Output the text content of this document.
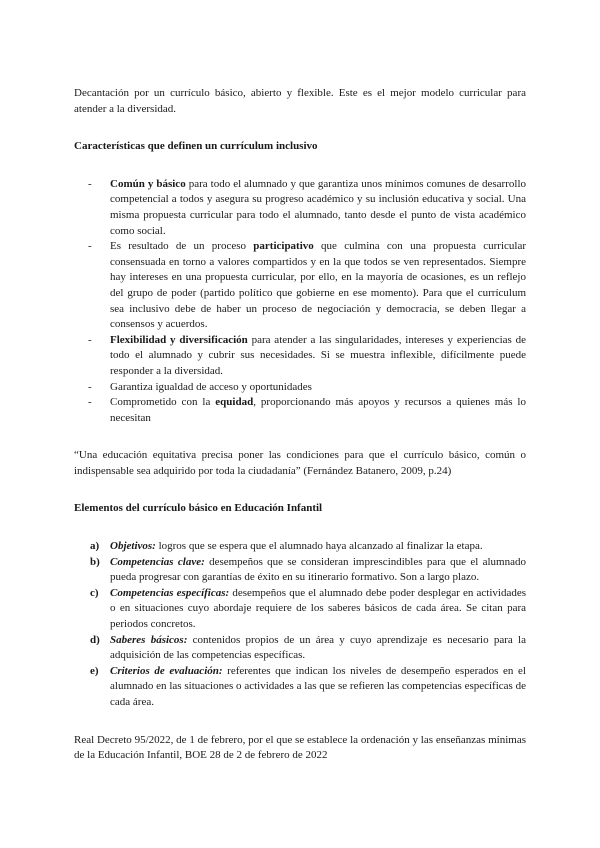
Decantación por un currículo básico, abierto y flexible. Este es el mejor modelo curricular para atender a la diversidad.

Características que definen un currículum inclusivo
- Común y básico para todo el alumnado y que garantiza unos mínimos comunes de desarrollo competencial a todos y asegura su progreso académico y su inclusión educativa y social. Una misma propuesta curricular para todo el alumnado, tanto desde el punto de vista académico como social.
- Es resultado de un proceso participativo que culmina con una propuesta curricular consensuada en torno a valores compartidos y en la que todos se ven representados. Siempre hay intereses en una propuesta curricular, por ello, en la mayoría de ocasiones, es un reflejo del grupo de poder (partido político que gobierne en ese momento). Para que el currículum sea inclusivo debe de haber un proceso de negociación y democracia, se deben llegar a consensos y acuerdos.
- Flexibilidad y diversificación para atender a las singularidades, intereses y experiencias de todo el alumnado y cubrir sus necesidades. Si se muestra inflexible, difícilmente puede responder a la diversidad.
- Garantiza igualdad de acceso y oportunidades
- Comprometido con la equidad, proporcionando más apoyos y recursos a quienes más lo necesitan

“Una educación equitativa precisa poner las condiciones para que el currículo básico, común o indispensable sea adquirido por toda la ciudadanía” (Fernández Batanero, 2009, p.24)

Elementos del currículo básico en Educación Infantil
a) Objetivos: logros que se espera que el alumnado haya alcanzado al finalizar la etapa.
b) Competencias clave: desempeños que se consideran imprescindibles para que el alumnado pueda progresar con garantías de éxito en su itinerario formativo. Son a largo plazo.
c) Competencias específicas: desempeños que el alumnado debe poder desplegar en actividades o en situaciones cuyo abordaje requiere de los saberes básicos de cada área. Se citan para periodos concretos.
d) Saberes básicos: contenidos propios de un área y cuyo aprendizaje es necesario para la adquisición de las competencias específicas.
e) Criterios de evaluación: referentes que indican los niveles de desempeño esperados en el alumnado en las situaciones o actividades a las que se refieren las competencias específicas de cada área.

Real Decreto 95/2022, de 1 de febrero, por el que se establece la ordenación y las enseñanzas mínimas de la Educación Infantil, BOE 28 de 2 de febrero de 2022
